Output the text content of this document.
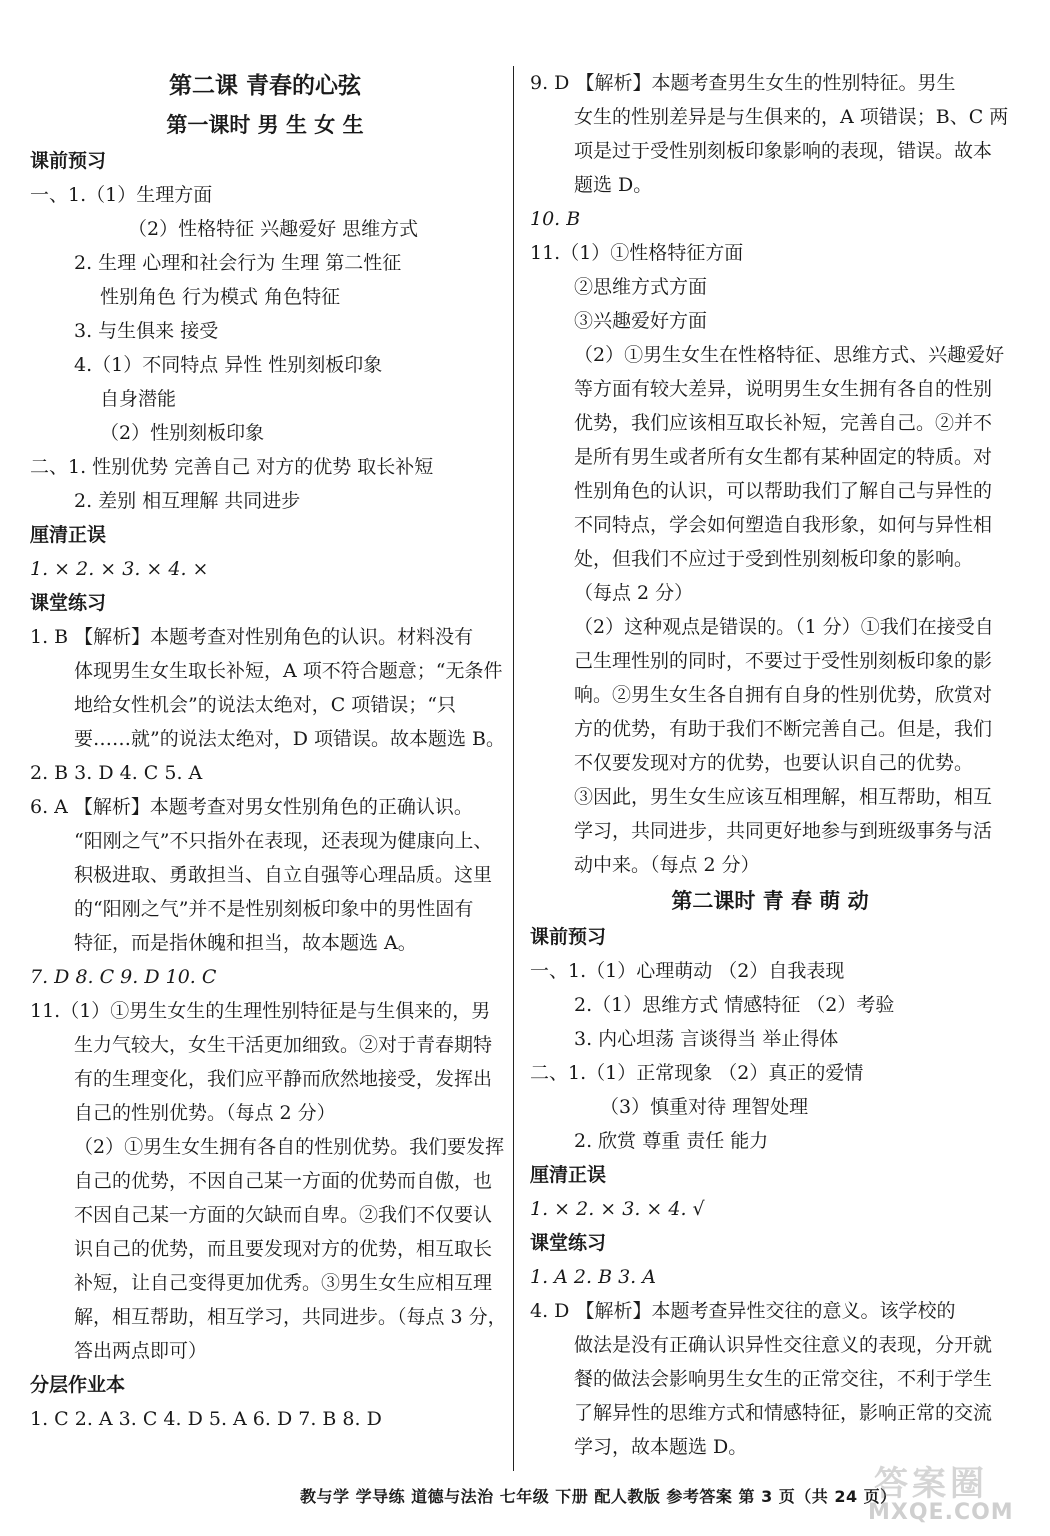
第二课 青春的心弦
第一课时 男 生 女 生
课前预习
一、1.（1）生理方面
（2）性格特征 兴趣爱好 思维方式
2. 生理 心理和社会行为 生理 第二性征
性别角色 行为模式 角色特征
3. 与生俱来 接受
4.（1）不同特点 异性 性别刻板印象
自身潜能
（2）性别刻板印象
二、1. 性别优势 完善自己 对方的优势 取长补短
2. 差别 相互理解 共同进步
厘清正误
1. × 2. × 3. × 4. ×
课堂练习
1. B 【解析】本题考查对性别角色的认识。材料没有
体现男生女生取长补短，A 项不符合题意；“无条件
地给女性机会”的说法太绝对，C 项错误；“只
要……就”的说法太绝对，D 项错误。故本题选 B。
2. B 3. D 4. C 5. A
6. A 【解析】本题考查对男女性别角色的正确认识。
“阳刚之气”不只指外在表现，还表现为健康向上、
积极进取、勇敢担当、自立自强等心理品质。这里
的“阳刚之气”并不是性别刻板印象中的男性固有
特征，而是指休魄和担当，故本题选 A。
7. D 8. C 9. D 10. C
11.（1）①男生女生的生理性别特征是与生俱来的，男
生力气较大，女生干活更加细致。②对于青春期特
有的生理变化，我们应平静而欣然地接受，发挥出
自己的性别优势。（每点 2 分）
（2）①男生女生拥有各自的性别优势。我们要发挥
自己的优势，不因自己某一方面的优势而自傲，也
不因自己某一方面的欠缺而自卑。②我们不仅要认
识自己的优势，而且要发现对方的优势，相互取长
补短，让自己变得更加优秀。③男生女生应相互理
解，相互帮助，相互学习，共同进步。（每点 3 分，
答出两点即可）
分层作业本
1. C 2. A 3. C 4. D 5. A 6. D 7. B 8. D
9. D 【解析】本题考查男生女生的性别特征。男生
女生的性别差异是与生俱来的，A 项错误；B、C 两
项是过于受性别刻板印象影响的表现，错误。故本
题选 D。
10. B
11.（1）①性格特征方面
②思维方式方面
③兴趣爱好方面
（2）①男生女生在性格特征、思维方式、兴趣爱好
等方面有较大差异，说明男生女生拥有各自的性别
优势，我们应该相互取长补短，完善自己。②并不
是所有男生或者所有女生都有某种固定的特质。对
性别角色的认识，可以帮助我们了解自己与异性的
不同特点，学会如何塑造自我形象，如何与异性相
处，但我们不应过于受到性别刻板印象的影响。
（每点 2 分）
（2）这种观点是错误的。（1 分）①我们在接受自
己生理性别的同时，不要过于受性别刻板印象的影
响。②男生女生各自拥有自身的性别优势，欣赏对
方的优势，有助于我们不断完善自己。但是，我们
不仅要发现对方的优势，也要认识自己的优势。
③因此，男生女生应该互相理解，相互帮助，相互
学习，共同进步，共同更好地参与到班级事务与活
动中来。（每点 2 分）
第二课时 青 春 萌 动
课前预习
一、1.（1）心理萌动 （2）自我表现
2.（1）思维方式 情感特征 （2）考验
3. 内心坦荡 言谈得当 举止得体
二、1.（1）正常现象 （2）真正的爱情
（3）慎重对待 理智处理
2. 欣赏 尊重 责任 能力
厘清正误
1. × 2. × 3. × 4. √
课堂练习
1. A 2. B 3. A
4. D 【解析】本题考查异性交往的意义。该学校的
做法是没有正确认识异性交往意义的表现，分开就
餐的做法会影响男生女生的正常交往，不利于学生
了解异性的思维方式和情感特征，影响正常的交流
学习，故本题选 D。
教与学 学导练 道德与法治 七年级 下册 配人教版 参考答案 第 3 页（共 24 页）
答案圈
MXQE.COM
